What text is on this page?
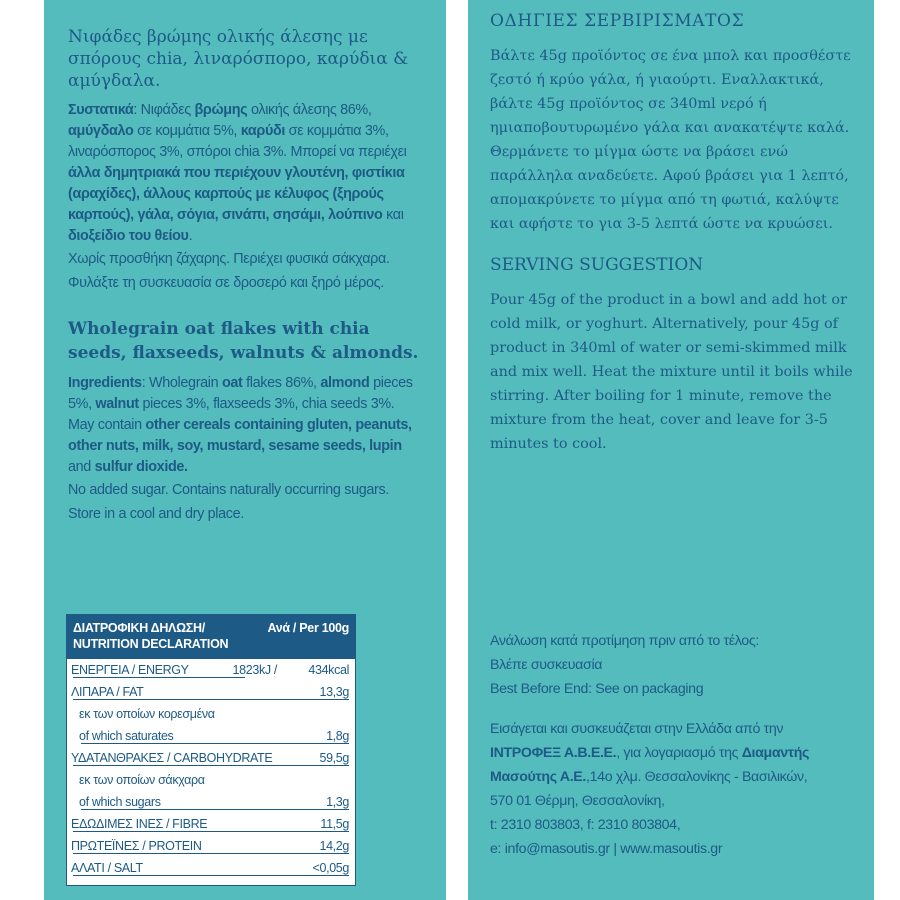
Νιφάδες βρώμης ολικής άλεσης με σπόρους chia, λιναρόσπορο, καρύδια & αμύγδαλα.

Συστατικά: Νιφάδες βρώμης ολικής άλεσης 86%, αμύγδαλο σε κομμάτια 5%, καρύδι σε κομμάτια 3%, λιναρόσπορος 3%, σπόροι chia 3%. Μπορεί να περιέχει άλλα δημητριακά που περιέχουν γλουτένη, φιστίκια (αραχίδες), άλλους καρπούς με κέλυφος (ξηρούς καρπούς), γάλα, σόγια, σινάπι, σησάμι, λούπινο και διοξείδιο του θείου.

Χωρίς προσθήκη ζάχαρης. Περιέχει φυσικά σάκχαρα.

Φυλάξτε τη συσκευασία σε δροσερό και ξηρό μέρος.

Wholegrain oat flakes with chia seeds, flaxseeds, walnuts & almonds.

Ingredients: Wholegrain oat flakes 86%, almond pieces 5%, walnut pieces 3%, flaxseeds 3%, chia seeds 3%. May contain other cereals containing gluten, peanuts, other nuts, milk, soy, mustard, sesame seeds, lupin and sulfur dioxide.

No added sugar. Contains naturally occurring sugars.

Store in a cool and dry place.

ΔΙΑΤΡΟΦΙΚΗ ΔΗΛΩΣΗ/
NUTRITION DECLARATION
Ανά / Per 100g
ΕΝΕΡΓΕΙΑ / ENERGY	1823kJ /	434kcal
ΛΙΠΑΡΑ / FAT	13,3g
εκ των οποίων κορεσμένα
of which saturates	1,8g
ΥΔΑΤΑΝΘΡΑΚΕΣ / CARBOHYDRATE	59,5g
εκ των οποίων σάκχαρα
of which sugars	1,3g
ΕΔΩΔΙΜΕΣ ΙΝΕΣ / FIBRE	11,5g
ΠΡΩΤΕΪΝΕΣ / PROTEIN	14,2g
ΑΛΑΤΙ / SALT	<0,05g

ΟΔΗΓΙΕΣ ΣΕΡΒΙΡΙΣΜΑΤΟΣ

Βάλτε 45g προϊόντος σε ένα μπολ και προσθέστε ζεστό ή κρύο γάλα, ή γιαούρτι. Εναλλακτικά, βάλτε 45g προϊόντος σε 340ml νερό ή ημιαποβουτυρωμένο γάλα και ανακατέψτε καλά. Θερμάνετε το μίγμα ώστε να βράσει ενώ παράλληλα αναδεύετε. Αφού βράσει για 1 λεπτό, απομακρύνετε το μίγμα από τη φωτιά, καλύψτε και αφήστε το για 3-5 λεπτά ώστε να κρυώσει.

SERVING SUGGESTION

Pour 45g of the product in a bowl and add hot or cold milk, or yoghurt. Alternatively, pour 45g of product in 340ml of water or semi-skimmed milk and mix well. Heat the mixture until it boils while stirring. After boiling for 1 minute, remove the mixture from the heat, cover and leave for 3-5 minutes to cool.

Ανάλωση κατά προτίμηση πριν από το τέλος:

Βλέπε συσκευασία

Best Before End: See on packaging

Εισάγεται και συσκευάζεται στην Ελλάδα από την

ΙΝΤΡΟΦΕΞ Α.Β.Ε.Ε., για λογαριασμό της Διαμαντής Μασούτης Α.Ε.,14ο χλμ. Θεσσαλονίκης - Βασιλικών,

570 01 Θέρμη, Θεσσαλονίκη,

t: 2310 803803, f: 2310 803804,

e: info@masoutis.gr | www.masoutis.gr
